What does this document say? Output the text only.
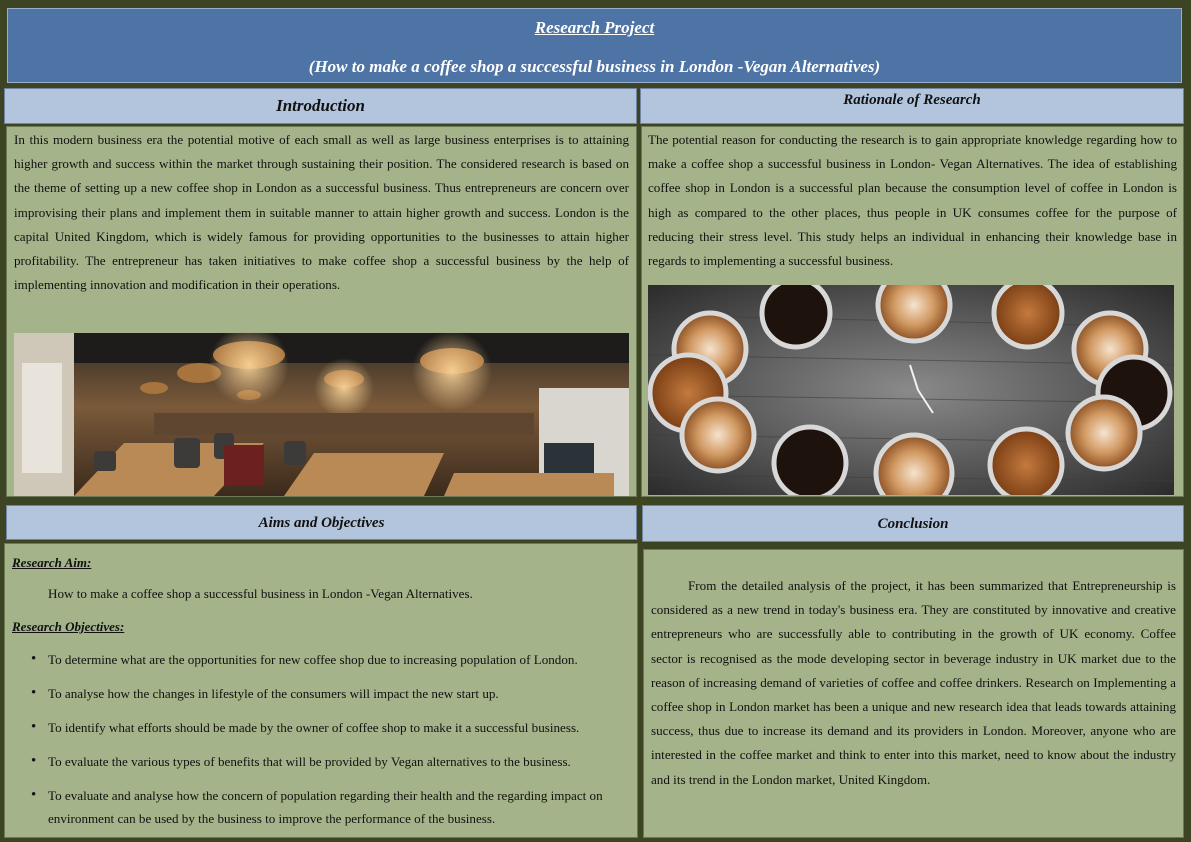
Research Project
(How to make a coffee shop a successful business in London -Vegan Alternatives)
Introduction

In this modern business era the potential motive of each small as well as large business enterprises is to attaining higher growth and success within the market through sustaining their position. The considered research is based on the theme of setting up a new coffee shop in London as a successful business. Thus entrepreneurs are concern over improvising their plans and implement them in suitable manner to attain higher growth and success. London is the capital United Kingdom, which is widely famous for providing opportunities to the businesses to attain higher profitability. The entrepreneur has taken initiatives to make coffee shop a successful business by the help of implementing innovation and modification in their operations.

Rationale of Research

The potential reason for conducting the research is to gain appropriate knowledge regarding how to make a coffee shop a successful business in London- Vegan Alternatives. The idea of establishing coffee shop in London is a successful plan because the consumption level of coffee in London is high as compared to the other places, thus people in UK consumes coffee for the purpose of reducing their stress level. This study helps an individual in enhancing their knowledge base in regards to implementing a successful business.

Aims and Objectives
Research Aim:
How to make a coffee shop a successful business in London -Vegan Alternatives.
Research Objectives:
• To determine what are the opportunities for new coffee shop due to increasing population of London.
• To analyse how the changes in lifestyle of the consumers will impact the new start up.
• To identify what efforts should be made by the owner of coffee shop to make it a successful business.
• To evaluate the various types of benefits that will be provided by Vegan alternatives to the business.
• To evaluate and analyse how the concern of population regarding their health and the regarding impact on environment can be used by the business to improve the performance of the business.
Conclusion

From the detailed analysis of the project, it has been summarized that Entrepreneurship is considered as a new trend in today's business era. They are constituted by innovative and creative entrepreneurs who are successfully able to contributing in the growth of UK economy. Coffee sector is recognised as the mode developing sector in beverage industry in UK market due to the reason of increasing demand of varieties of coffee and coffee drinkers. Research on Implementing a coffee shop in London market has been a unique and new research idea that leads towards attaining success, thus due to increase its demand and its providers in London. Moreover, anyone who are interested in the coffee market and think to enter into this market, need to know about the industry and its trend in the London market, United Kingdom.
